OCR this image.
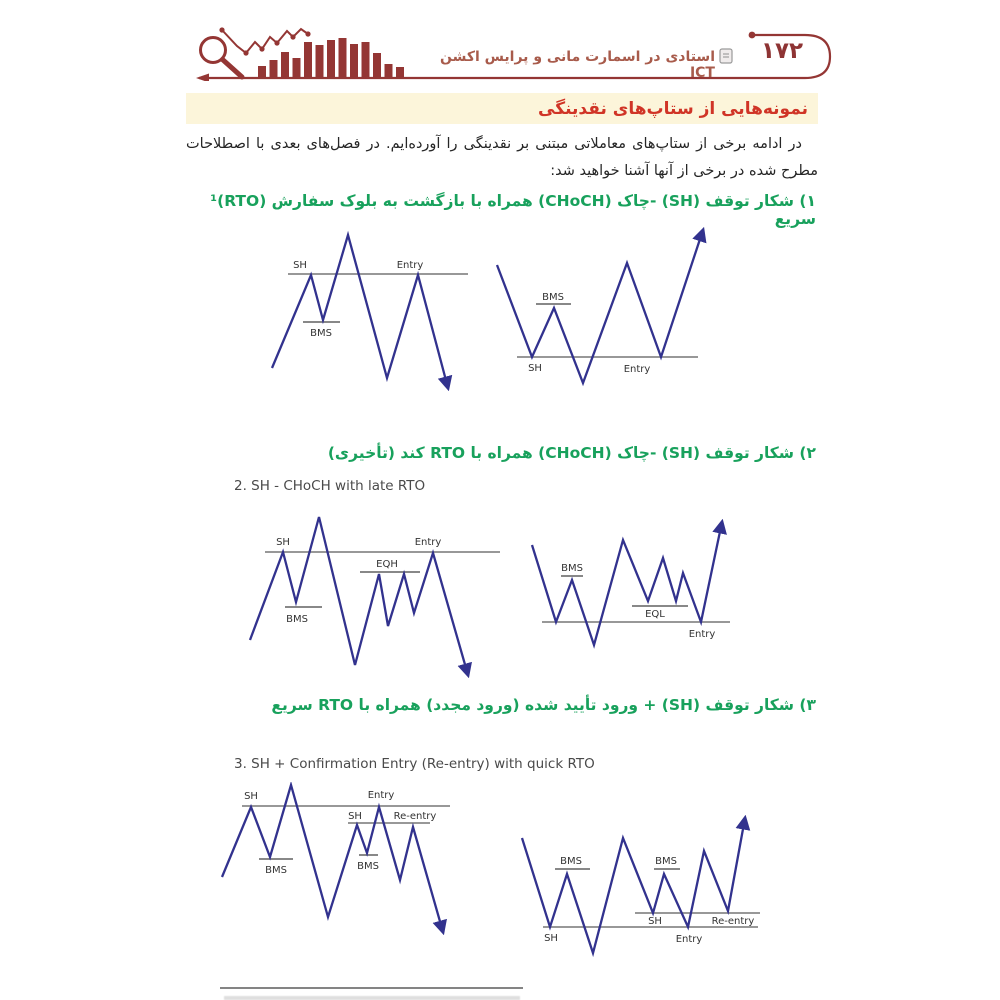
۱۷۲
استادی در اسمارت مانی و پرایس اکشن ICT
نمونه‌هایی از ستاپ‌های نقدینگی
در ادامه برخی از ستاپ‌های معاملاتی مبتنی بر نقدینگی را آورده‌ایم. در فصل‌های بعدی با اصطلاحات
مطرح شده در برخی از آنها آشنا خواهید شد:
۱) شکار توقف (SH) -چاک (CHoCH) همراه با بازگشت به بلوک سفارش (RTO)¹ سریع
SH	Entry
BMS
BMS
SH	Entry
۲) شکار توقف (SH) -چاک (CHoCH) همراه با RTO کند (تأخیری)
2. SH - CHoCH with late RTO
SH	Entry
BMS
EQH	BMS
EQL
Entry
۳) شکار توقف (SH) + ورود تأیید شده (ورود مجدد) همراه با RTO سریع
3. SH + Confirmation Entry (Re-entry) with quick RTO
SH	Entry
SH	Re-entry
BMS	BMS
SH
SH
Entry
Re-entry
BMS	BMS
